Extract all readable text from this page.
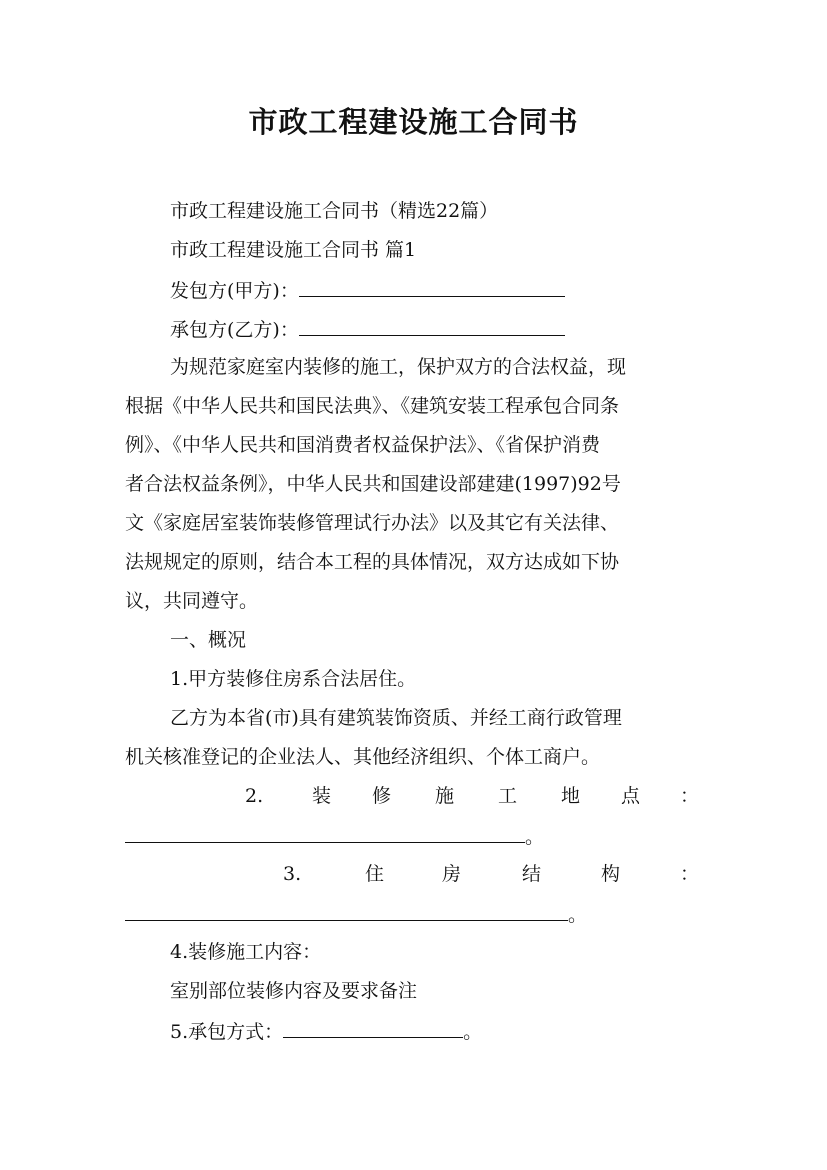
市政工程建设施工合同书

市政工程建设施工合同书（精选22篇）

市政工程建设施工合同书 篇1

发包方(甲方)：

承包方(乙方)：

为规范家庭室内装修的施工，保护双方的合法权益，现

根据《中华人民共和国民法典》、《建筑安装工程承包合同条

例》、《中华人民共和国消费者权益保护法》、《省保护消费

者合法权益条例》，中华人民共和国建设部建建(1997)92号

文《家庭居室装饰装修管理试行办法》以及其它有关法律、

法规规定的原则，结合本工程的具体情况，双方达成如下协

议，共同遵守。

一、概况

1.甲方装修住房系合法居住。

乙方为本省(市)具有建筑装饰资质、并经工商行政管理

机关核准登记的企业法人、其他经济组织、个体工商户。

2.	装 修 施 工 地 点 ：

。

3.	住	房	结	构	：

。

4.装修施工内容：

室别部位装修内容及要求备注

5.承包方式：	。
